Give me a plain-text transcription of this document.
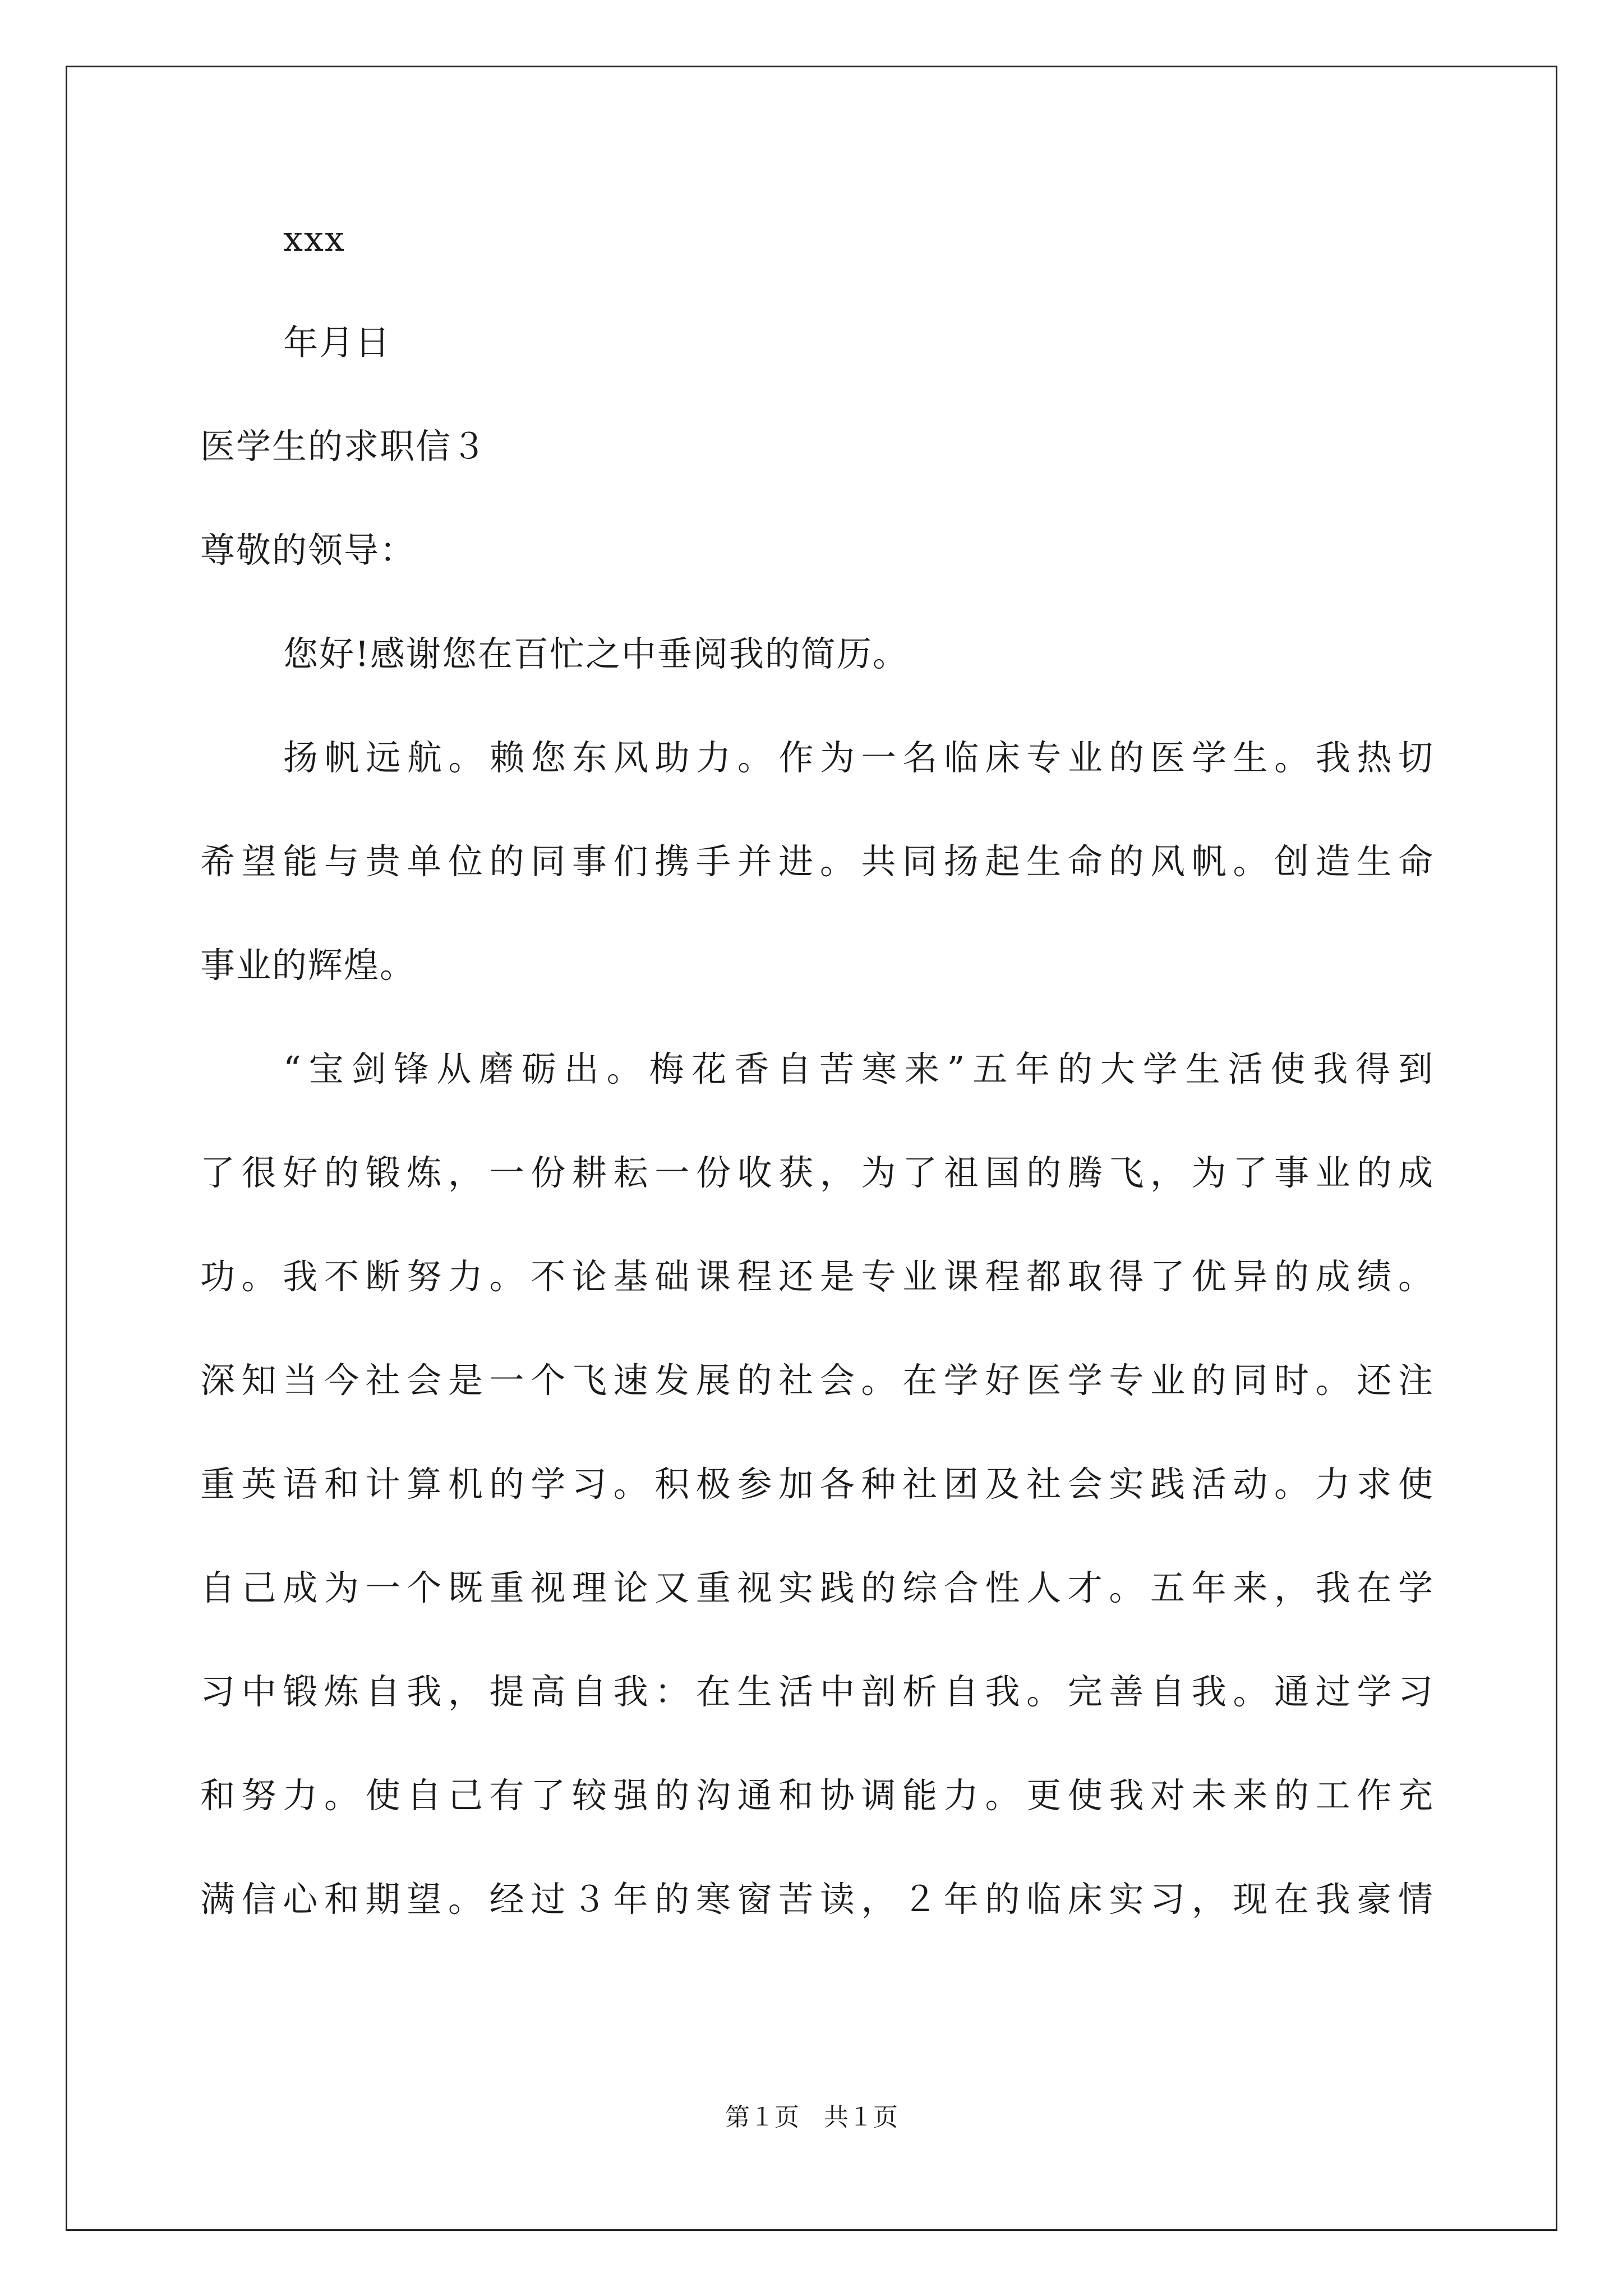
xxx
年月日
医学生的求职信３
尊敬的领导：
您好!感谢您在百忙之中垂阅我的简历。
扬帆远航。赖您东风助力。作为一名临床专业的医学生。我热切
希望能与贵单位的同事们携手并进。共同扬起生命的风帆。创造生命
事业的辉煌。
“宝剑锋从磨砺出。梅花香自苦寒来”五年的大学生活使我得到
了很好的锻炼，一份耕耘一份收获，为了祖国的腾飞，为了事业的成
功。我不断努力。不论基础课程还是专业课程都取得了优异的成绩。
深知当今社会是一个飞速发展的社会。在学好医学专业的同时。还注
重英语和计算机的学习。积极参加各种社团及社会实践活动。力求使
自己成为一个既重视理论又重视实践的综合性人才。五年来，我在学
习中锻炼自我，提高自我：在生活中剖析自我。完善自我。通过学习
和努力。使自己有了较强的沟通和协调能力。更使我对未来的工作充
满信心和期望。经过３年的寒窗苦读，２年的临床实习，现在我豪情
第１页　共１页
